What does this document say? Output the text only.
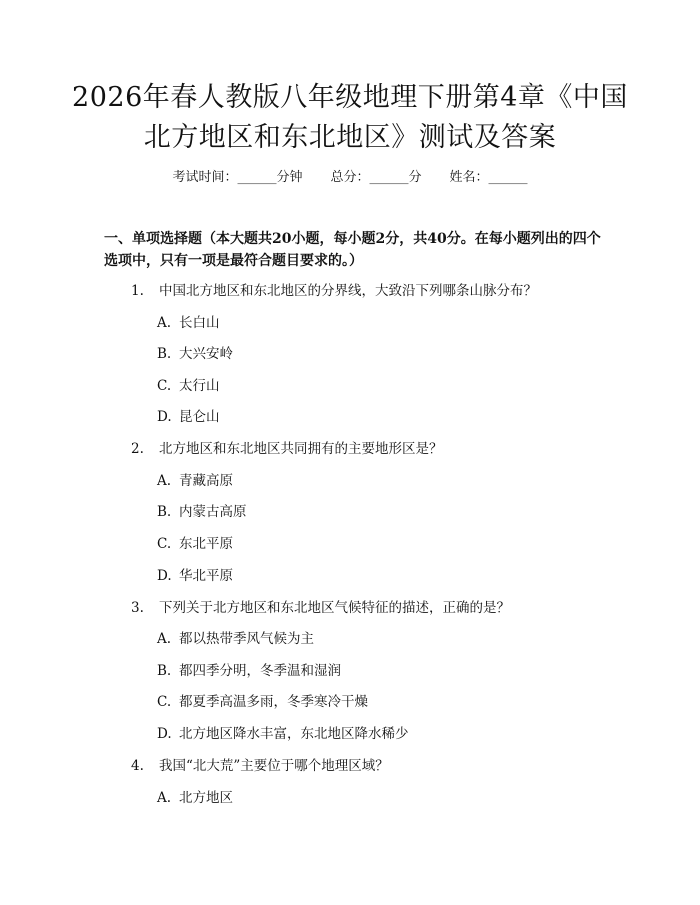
2026年春人教版八年级地理下册第4章《中国北方地区和东北地区》测试及答案
考试时间：______分钟 总分：______分 姓名：______
一、单项选择题（本大题共20小题，每小题2分，共40分。在每小题列出的四个选项中，只有一项是最符合题目要求的。）
1. 中国北方地区和东北地区的分界线，大致沿下列哪条山脉分布？
A. 长白山
B. 大兴安岭
C. 太行山
D. 昆仑山
2. 北方地区和东北地区共同拥有的主要地形区是？
A. 青藏高原
B. 内蒙古高原
C. 东北平原
D. 华北平原
3. 下列关于北方地区和东北地区气候特征的描述，正确的是？
A. 都以热带季风气候为主
B. 都四季分明，冬季温和湿润
C. 都夏季高温多雨，冬季寒冷干燥
D. 北方地区降水丰富，东北地区降水稀少
4. 我国“北大荒”主要位于哪个地理区域？
A. 北方地区
